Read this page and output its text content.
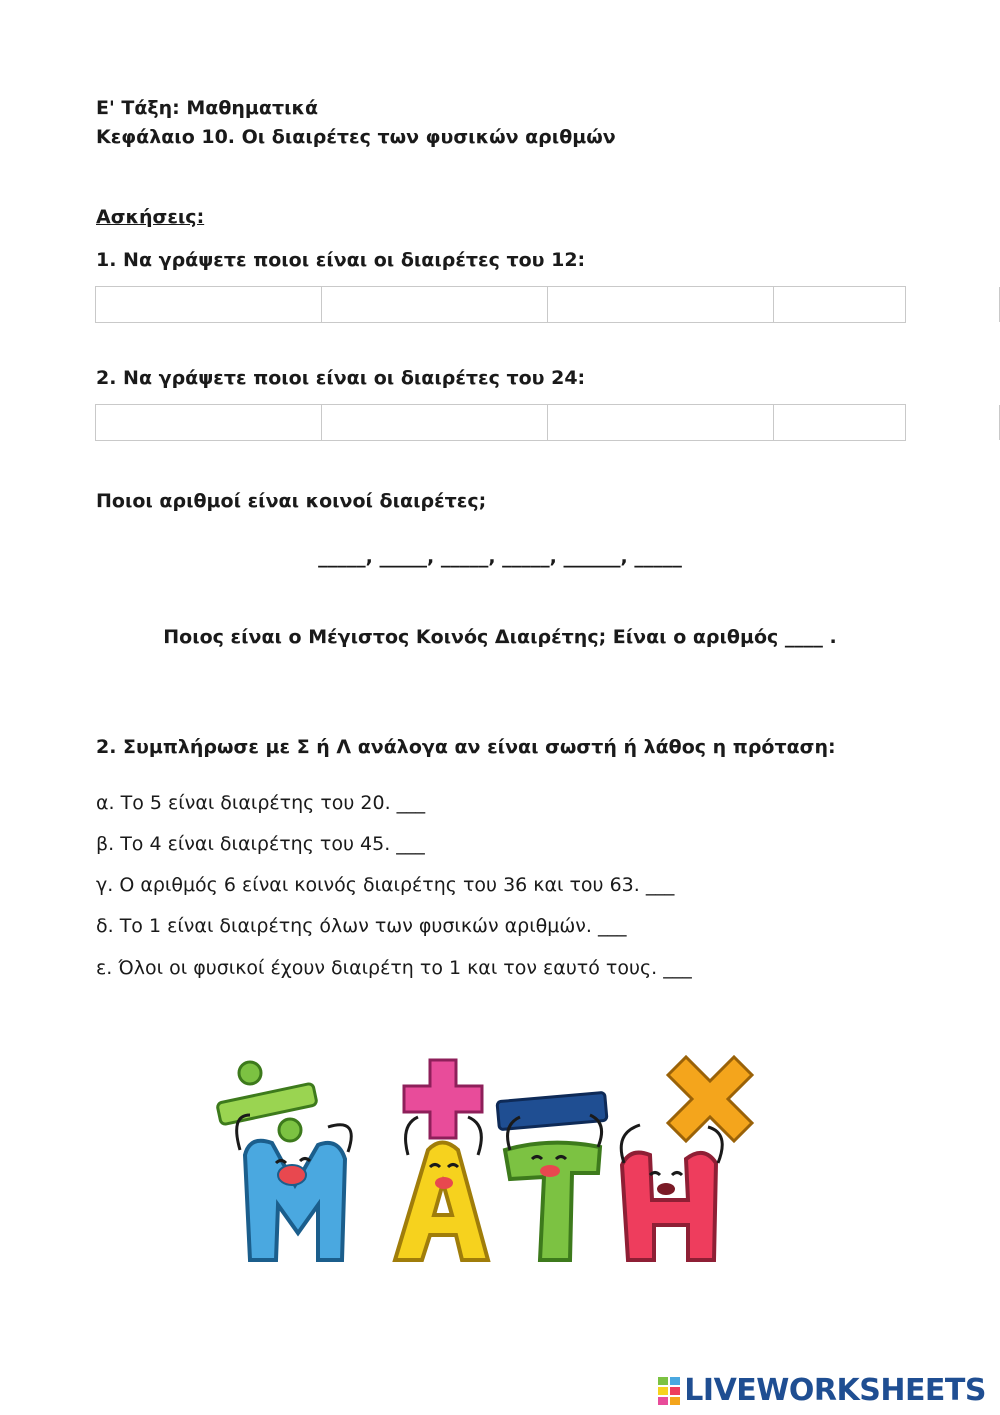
Ε' Τάξη: Μαθηματικά
Κεφάλαιο 10. Οι διαιρέτες των φυσικών αριθμών
Ασκήσεις:
1. Να γράψετε ποιοι είναι οι διαιρέτες του 12:
2. Να γράψετε ποιοι είναι οι διαιρέτες του 24:
Ποιοι αριθμοί είναι κοινοί διαιρέτες;
_____, _____, _____, _____, ______, _____
Ποιος είναι ο Μέγιστος Κοινός Διαιρέτης; Είναι ο αριθμός ____ .
2. Συμπλήρωσε με Σ ή Λ ανάλογα αν είναι σωστή ή λάθος η πρόταση:
α. Το 5 είναι διαιρέτης του 20. ___
β. Το 4 είναι διαιρέτης του 45. ___
γ. Ο αριθμός 6 είναι κοινός διαιρέτης του 36 και του 63. ___
δ. Το 1 είναι διαιρέτης όλων των φυσικών αριθμών. ___
ε. Όλοι οι φυσικοί έχουν διαιρέτη το 1 και τον εαυτό τους. ___
LIVEWORKSHEETS
